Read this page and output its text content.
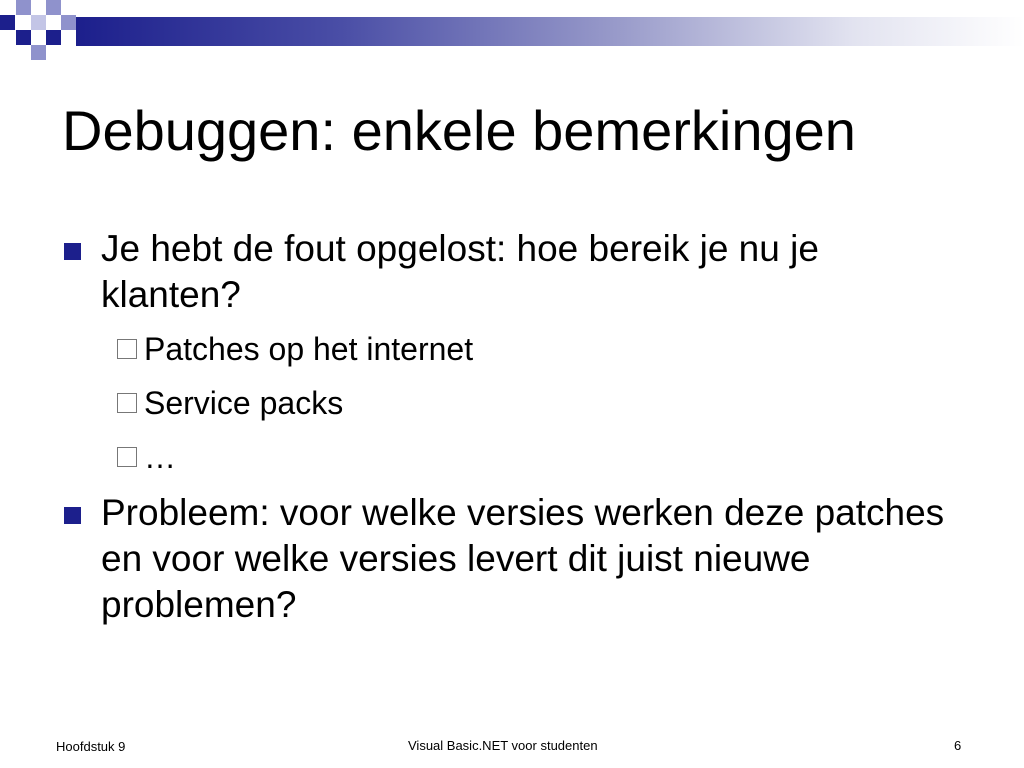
Debuggen: enkele bemerkingen
Je hebt de fout opgelost: hoe bereik je nu je klanten?
Patches op het internet
Service packs
…
Probleem: voor welke versies werken deze patches en voor welke versies levert dit juist nieuwe problemen?
Hoofdstuk 9	Visual Basic.NET voor studenten	6
